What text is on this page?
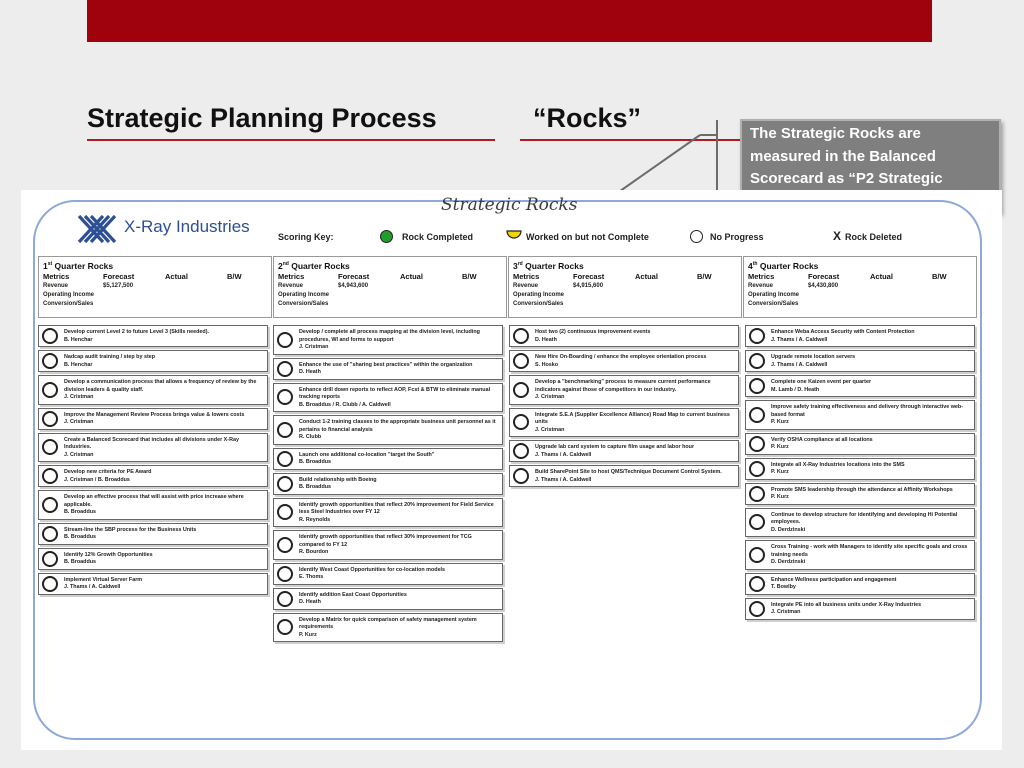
Strategic Planning Process	“Rocks”
The Strategic Rocks are
measured in the Balanced
Scorecard as “P2 Strategic
X-Ray Industries
Strategic Rocks
Scoring Key:	Rock Completed	Worked on but not Complete	No Progress	X Rock Deleted
1st Quarter Rocks
Metrics	Forecast	Actual	B/W
Revenue	$5,127,500
Operating Income
Conversion/Sales
2nd Quarter Rocks
Metrics	Forecast	Actual	B/W
Revenue	$4,943,600
Operating Income
Conversion/Sales
3rd Quarter Rocks
Metrics	Forecast	Actual	B/W
Revenue	$4,915,600
Operating Income
Conversion/Sales
4th Quarter Rocks
Metrics	Forecast	Actual	B/W
Revenue	$4,430,800
Operating Income
Conversion/Sales
Develop current Level 2 to future Level 3 (Skills needed).
B. Henchar
Nadcap audit training / step by step
B. Henchar
Develop a communication process that allows a frequency of review by the division leaders & quality staff.
J. Cristman
Improve the Management Review Process brings value & lowers costs
J. Cristman
Create a Balanced Scorecard that includes all divisions under X-Ray Industries.
J. Cristman
Develop new criteria for PE Award
J. Cristman / B. Broaddus
Develop an effective process that will assist with price increase where applicable.
B. Broaddus
Stream-line the SBP process for the Business Units
B. Broaddus
Identify 12% Growth Opportunities
B. Broaddus
Implement Virtual Server Farm
J. Thams / A. Caldwell
Develop / complete all process mapping at the division level, including procedures, WI and forms to support
J. Cristman
Enhance the use of "sharing best practices" within the organization
D. Heath
Enhance drill down reports to reflect AOP, Fcst & BTW to eliminate manual tracking reports
B. Broaddus / R. Clubb / A. Caldwell
Conduct 1-2 training classes to the appropriate business unit personnel as it pertains to financial analysis
R. Clubb
Launch one additional co-location "target the South"
B. Broaddus
Build relationship with Boeing
B. Broaddus
Identify growth opportunities that reflect 20% improvement for Field Service less Steel Industries over FY 12
R. Reynolds
Identify growth opportunities that reflect 30% improvement for TCG compared to FY 12
R. Bourdon
Identify West Coast Opportunities for co-location models
E. Thoms
Identify addition East Coast Opportunities
D. Heath
Develop a Matrix for quick comparison of safety management system requirements
P. Kurz
Host two (2) continuous improvement events
D. Heath
New Hire On-Boarding / enhance the employee orientation process
S. Hosko
Develop a "benchmarking" process to measure current performance indicators against those of competitors in our industry.
J. Cristman
Integrate S.E.A (Supplier Excellence Alliance) Road Map to current business units
J. Cristman
Upgrade lab card system to capture film usage and labor hour
J. Thams / A. Caldwell
Build SharePoint Site to host QMS/Technique Document Control System.
J. Thams / A. Caldwell
Enhance Weba Access Security with Content Protection
J. Thams / A. Caldwell
Upgrade remote location servers
J. Thams / A. Caldwell
Complete one Kaizen event per quarter
M. Lamb / D. Heath
Improve safety training effectiveness and delivery through interactive web-based format
P. Kurz
Verify OSHA compliance at all locations
P. Kurz
Integrate all X-Ray Industries locations into the SMS
P. Kurz
Promote SMS leadership through the attendance at Affinity Workshops
P. Kurz
Continue to develop structure for identifying and developing Hi Potential employees.
D. Derdzinski
Cross Training - work with Managers to identify site specific goals and cross training needs
D. Derdzinski
Enhance Wellness participation and engagement
T. Bowlby
Integrate PE into all business units under X-Ray Industries
J. Cristman
